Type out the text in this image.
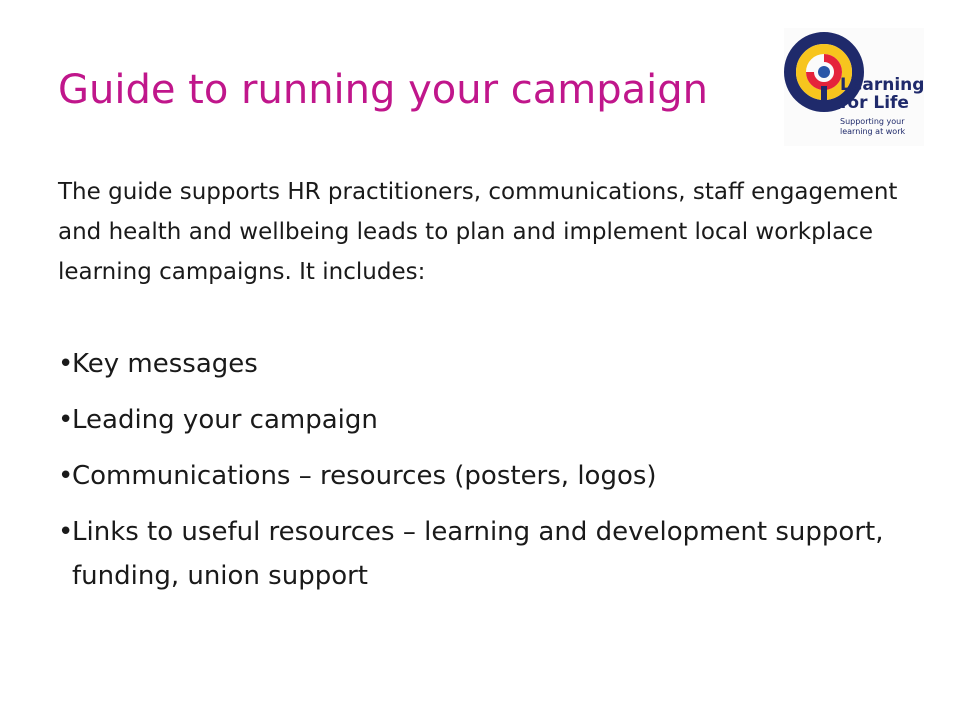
Guide to running your campaign	Learning
for Life
Supporting your
learning at work
The guide supports HR practitioners, communications, staff engagement and health and wellbeing leads to plan and implement local workplace learning campaigns. It includes:
•
Key messages
•
Leading your campaign
•
Communications – resources (posters, logos)
•
Links to useful resources – learning and development support, funding, union support
